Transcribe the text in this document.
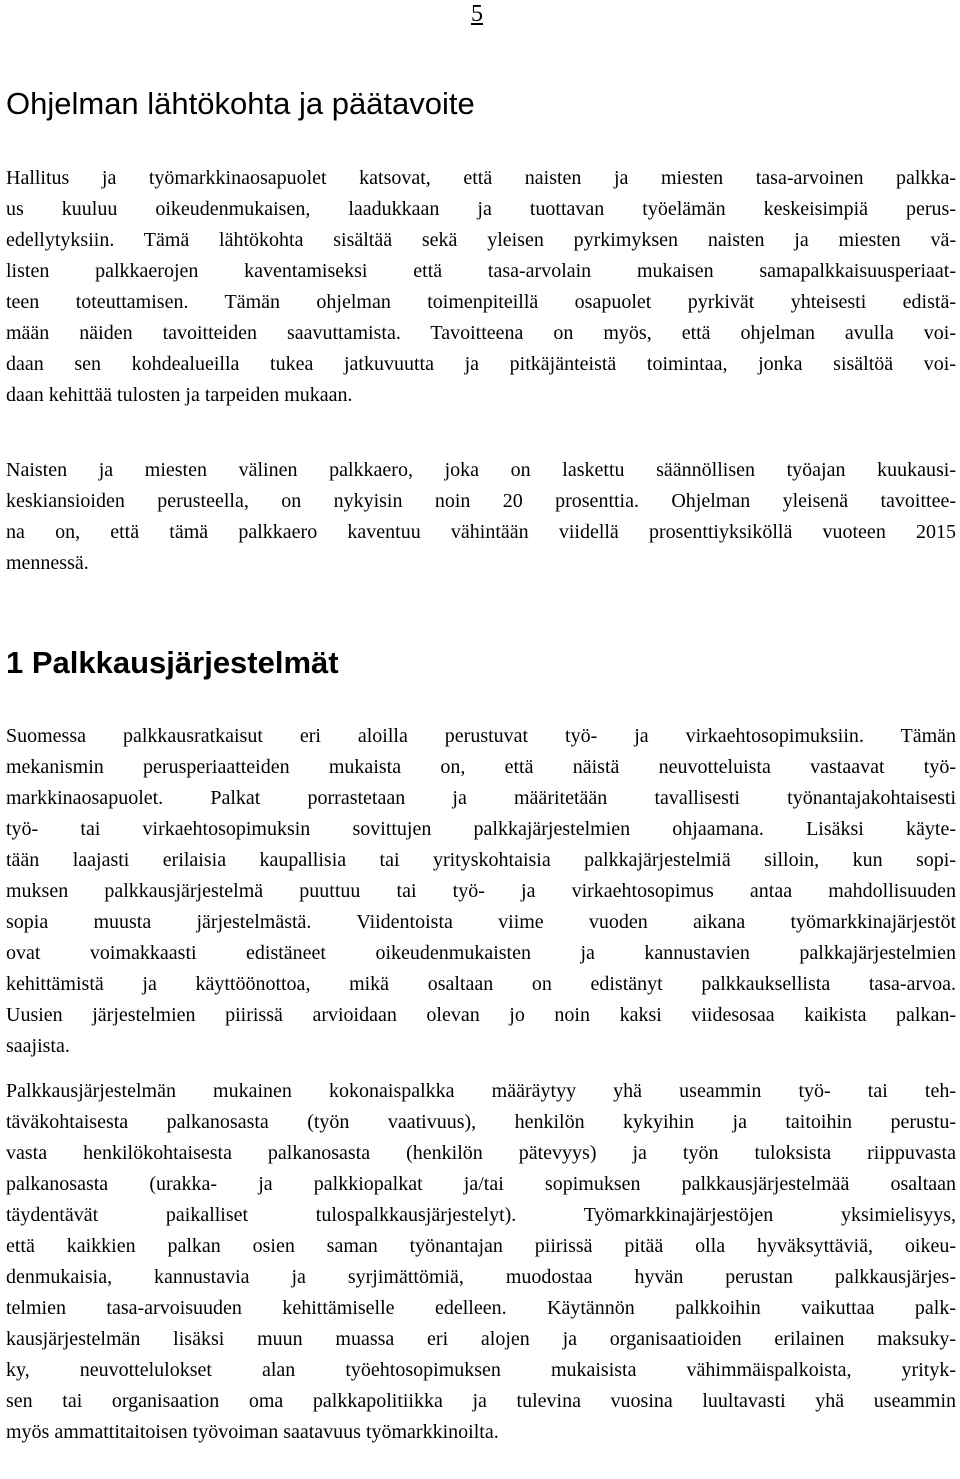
5
Ohjelman lähtökohta ja päätavoite
Hallitus ja työmarkkinaosapuolet katsovat, että naisten ja miesten tasa-arvoinen palkka-
us kuuluu oikeudenmukaisen, laadukkaan ja tuottavan työelämän keskeisimpiä perus-
edellytyksiin. Tämä lähtökohta sisältää sekä yleisen pyrkimyksen naisten ja miesten vä-
listen palkkaerojen kaventamiseksi että tasa-arvolain mukaisen samapalkkaisuusperiaat-
teen toteuttamisen. Tämän ohjelman toimenpiteillä osapuolet pyrkivät yhteisesti edistä-
mään näiden tavoitteiden saavuttamista. Tavoitteena on myös, että ohjelman avulla voi-
daan sen kohdealueilla tukea jatkuvuutta ja pitkäjänteistä toimintaa, jonka sisältöä voi-
daan kehittää tulosten ja tarpeiden mukaan.
Naisten ja miesten välinen palkkaero, joka on laskettu säännöllisen työajan kuukausi-
keskiansioiden perusteella, on nykyisin noin 20 prosenttia. Ohjelman yleisenä tavoittee-
na on, että tämä palkkaero kaventuu vähintään viidellä prosenttiyksiköllä vuoteen 2015
mennessä.
1 Palkkausjärjestelmät
Suomessa palkkausratkaisut eri aloilla perustuvat työ- ja virkaehtosopimuksiin. Tämän
mekanismin perusperiaatteiden mukaista on, että näistä neuvotteluista vastaavat työ-
markkinaosapuolet. Palkat porrastetaan ja määritetään tavallisesti työnantajakohtaisesti
työ- tai virkaehtosopimuksin sovittujen palkkajärjestelmien ohjaamana. Lisäksi käyte-
tään laajasti erilaisia kaupallisia tai yrityskohtaisia palkkajärjestelmiä silloin, kun sopi-
muksen palkkausjärjestelmä puuttuu tai työ- ja virkaehtosopimus antaa mahdollisuuden
sopia muusta järjestelmästä. Viidentoista viime vuoden aikana työmarkkinajärjestöt
ovat voimakkaasti edistäneet oikeudenmukaisten ja kannustavien palkkajärjestelmien
kehittämistä ja käyttöönottoa, mikä osaltaan on edistänyt palkkauksellista tasa-arvoa.
Uusien järjestelmien piirissä arvioidaan olevan jo noin kaksi viidesosaa kaikista palkan-
saajista.
Palkkausjärjestelmän mukainen kokonaispalkka määräytyy yhä useammin työ- tai teh-
täväkohtaisesta palkanosasta (työn vaativuus), henkilön kykyihin ja taitoihin perustu-
vasta henkilökohtaisesta palkanosasta (henkilön pätevyys) ja työn tuloksista riippuvasta
palkanosasta (urakka- ja palkkiopalkat ja/tai sopimuksen palkkausjärjestelmää osaltaan
täydentävät paikalliset tulospalkkausjärjestelyt). Työmarkkinajärjestöjen yksimielisyys,
että kaikkien palkan osien saman työnantajan piirissä pitää olla hyväksyttäviä, oikeu-
denmukaisia, kannustavia ja syrjimättömiä, muodostaa hyvän perustan palkkausjärjes-
telmien tasa-arvoisuuden kehittämiselle edelleen. Käytännön palkkoihin vaikuttaa palk-
kausjärjestelmän lisäksi muun muassa eri alojen ja organisaatioiden erilainen maksuky-
ky, neuvottelulokset alan työehtosopimuksen mukaisista vähimmäispalkoista, yrityk-
sen tai organisaation oma palkkapolitiikka ja tulevina vuosina luultavasti yhä useammin
myös ammattitaitoisen työvoiman saatavuus työmarkkinoilta.
